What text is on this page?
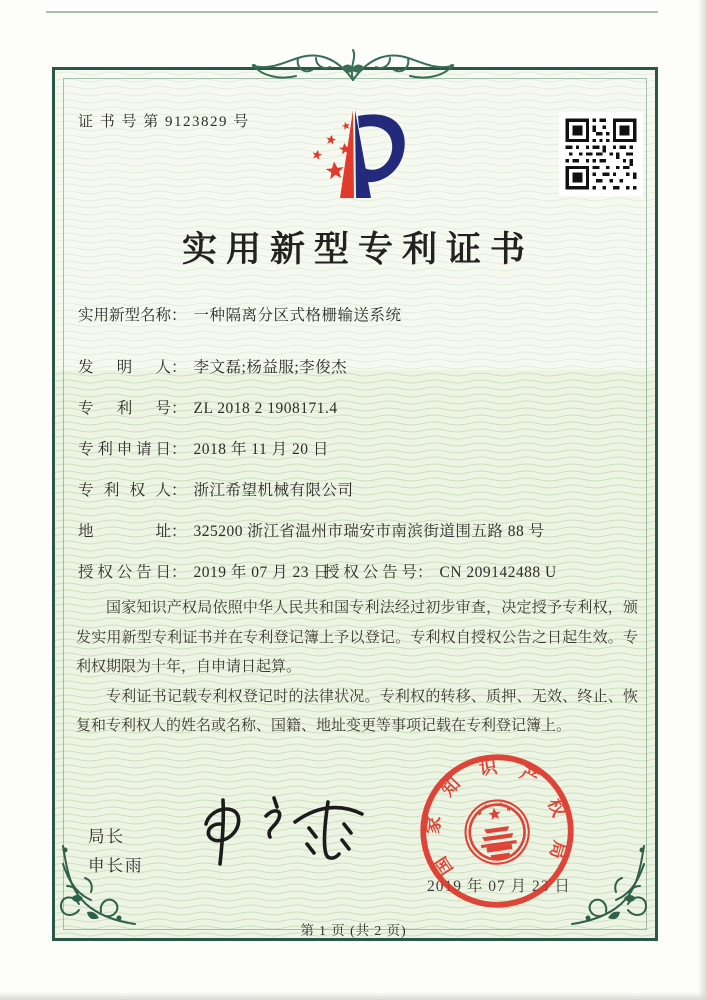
证 书 号 第 9123829 号
实用新型专利证书
实用新型名称： 一种隔离分区式格栅输送系统
发明人： 李文磊;杨益服;李俊杰
专利号： ZL 2018 2 1908171.4
专利申请日： 2018 年 11 月 20 日
专利权人： 浙江希望机械有限公司
地址： 325200 浙江省温州市瑞安市南滨街道围五路 88 号
授权公告日： 2019 年 07 月 23 日授权公告号： CN 209142488 U

国家知识产权局依照中华人民共和国专利法经过初步审查，决定授予专利权，颁发实用新型专利证书并在专利登记簿上予以登记。专利权自授权公告之日起生效。专利权期限为十年，自申请日起算。

专利证书记载专利权登记时的法律状况。专利权的转移、质押、无效、终止、恢复和专利权人的姓名或名称、国籍、地址变更等事项记载在专利登记簿上。

局长
申长雨
2019 年 07 月 23 日
国
家
知
识 产
权
局
第 1 页 (共 2 页)
